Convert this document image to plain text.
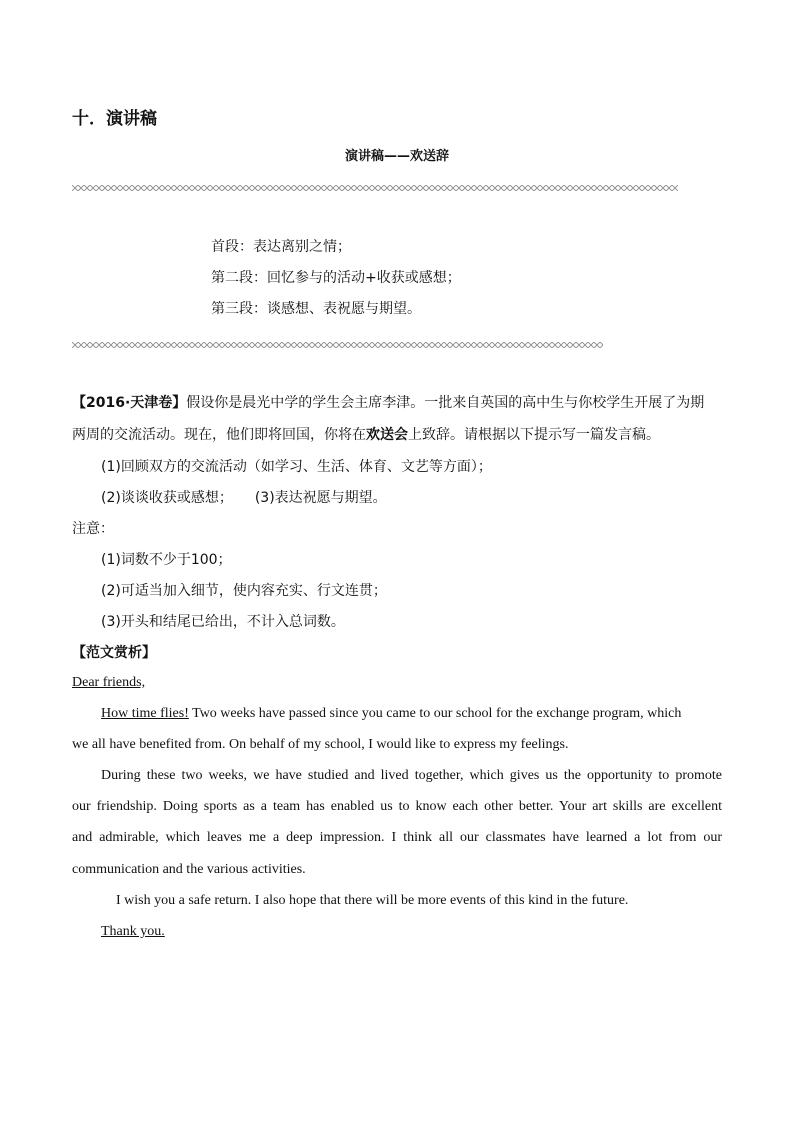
十．演讲稿
演讲稿——欢送辞
首段：表达离别之情；
第二段：回忆参与的活动+收获或感想；
第三段：谈感想、表祝愿与期望。
【2016·天津卷】假设你是晨光中学的学生会主席李津。一批来自英国的高中生与你校学生开展了为期
两周的交流活动。现在，他们即将回国，你将在欢送会上致辞。请根据以下提示写一篇发言稿。
(1)回顾双方的交流活动（如学习、生活、体育、文艺等方面）；
(2)谈谈收获或感想； (3)表达祝愿与期望。
注意：
(1)词数不少于100；
(2)可适当加入细节，使内容充实、行文连贯；
(3)开头和结尾已给出，不计入总词数。
【范文赏析】
Dear friends,
How time flies! Two weeks have passed since you came to our school for the exchange program, which
we all have benefited from. On behalf of my school, I would like to express my feelings.
During these two weeks, we have studied and lived together, which gives us the opportunity to promote
our friendship. Doing sports as a team has enabled us to know each other better. Your art skills are excellent
and admirable, which leaves me a deep impression. I think all our classmates have learned a lot from our
communication and the various activities.
I wish you a safe return. I also hope that there will be more events of this kind in the future.
Thank you.
